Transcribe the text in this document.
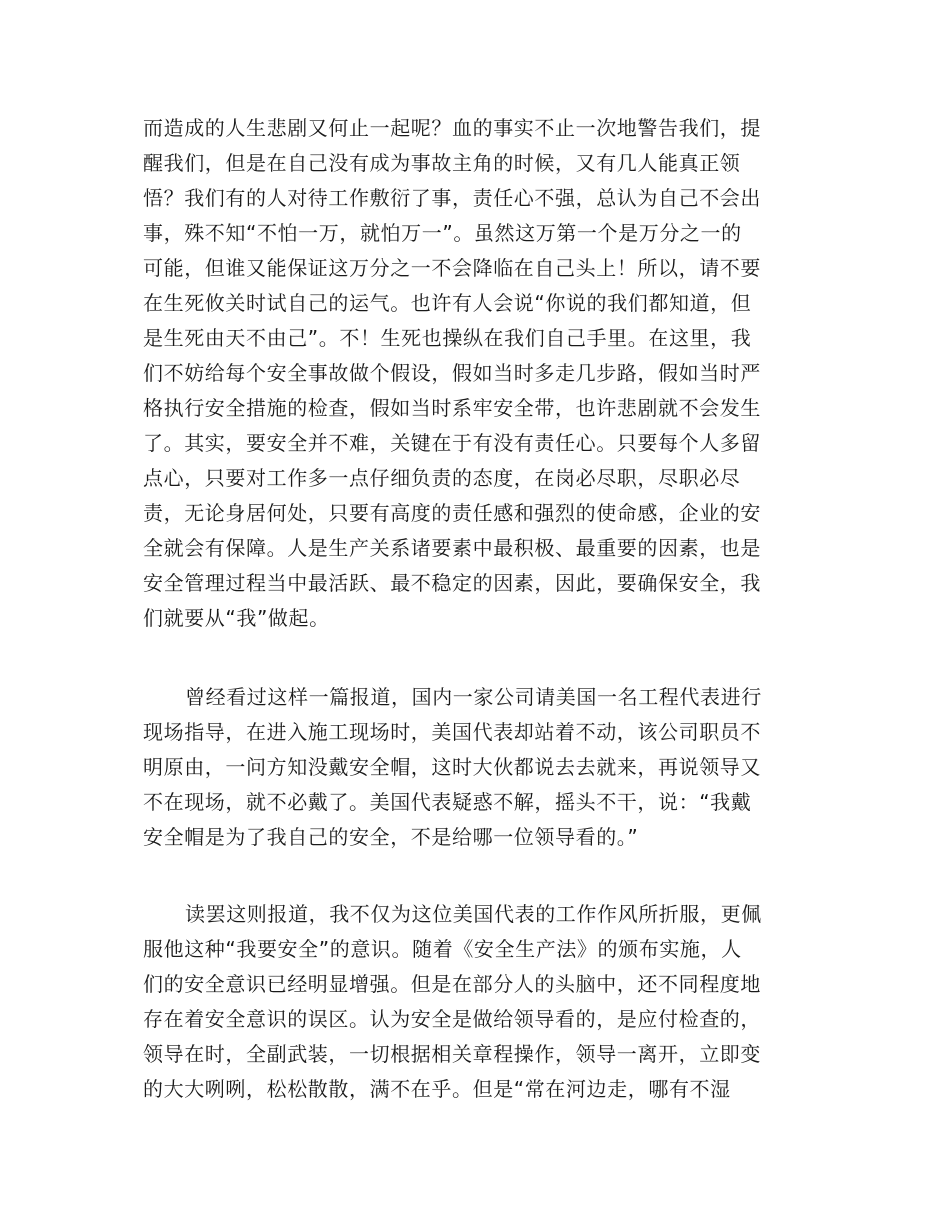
而造成的人生悲剧又何止一起呢？血的事实不止一次地警告我们，提
醒我们，但是在自己没有成为事故主角的时候，又有几人能真正领
悟？我们有的人对待工作敷衍了事，责任心不强，总认为自己不会出
事，殊不知“不怕一万，就怕万一”。虽然这万第一个是万分之一的
可能，但谁又能保证这万分之一不会降临在自己头上！所以，请不要
在生死攸关时试自己的运气。也许有人会说“你说的我们都知道，但
是生死由天不由己”。不！生死也操纵在我们自己手里。在这里，我
们不妨给每个安全事故做个假设，假如当时多走几步路，假如当时严
格执行安全措施的检查，假如当时系牢安全带，也许悲剧就不会发生
了。其实，要安全并不难，关键在于有没有责任心。只要每个人多留
点心，只要对工作多一点仔细负责的态度，在岗必尽职，尽职必尽
责，无论身居何处，只要有高度的责任感和强烈的使命感，企业的安
全就会有保障。人是生产关系诸要素中最积极、最重要的因素，也是
安全管理过程当中最活跃、最不稳定的因素，因此，要确保安全，我
们就要从“我”做起。
曾经看过这样一篇报道，国内一家公司请美国一名工程代表进行
现场指导，在进入施工现场时，美国代表却站着不动，该公司职员不
明原由，一问方知没戴安全帽，这时大伙都说去去就来，再说领导又
不在现场，就不必戴了。美国代表疑惑不解，摇头不干，说：“我戴
安全帽是为了我自己的安全，不是给哪一位领导看的。”
读罢这则报道，我不仅为这位美国代表的工作作风所折服，更佩
服他这种“我要安全”的意识。随着《安全生产法》的颁布实施，人
们的安全意识已经明显增强。但是在部分人的头脑中，还不同程度地
存在着安全意识的误区。认为安全是做给领导看的，是应付检查的，
领导在时，全副武装，一切根据相关章程操作，领导一离开，立即变
的大大咧咧，松松散散，满不在乎。但是“常在河边走，哪有不湿
